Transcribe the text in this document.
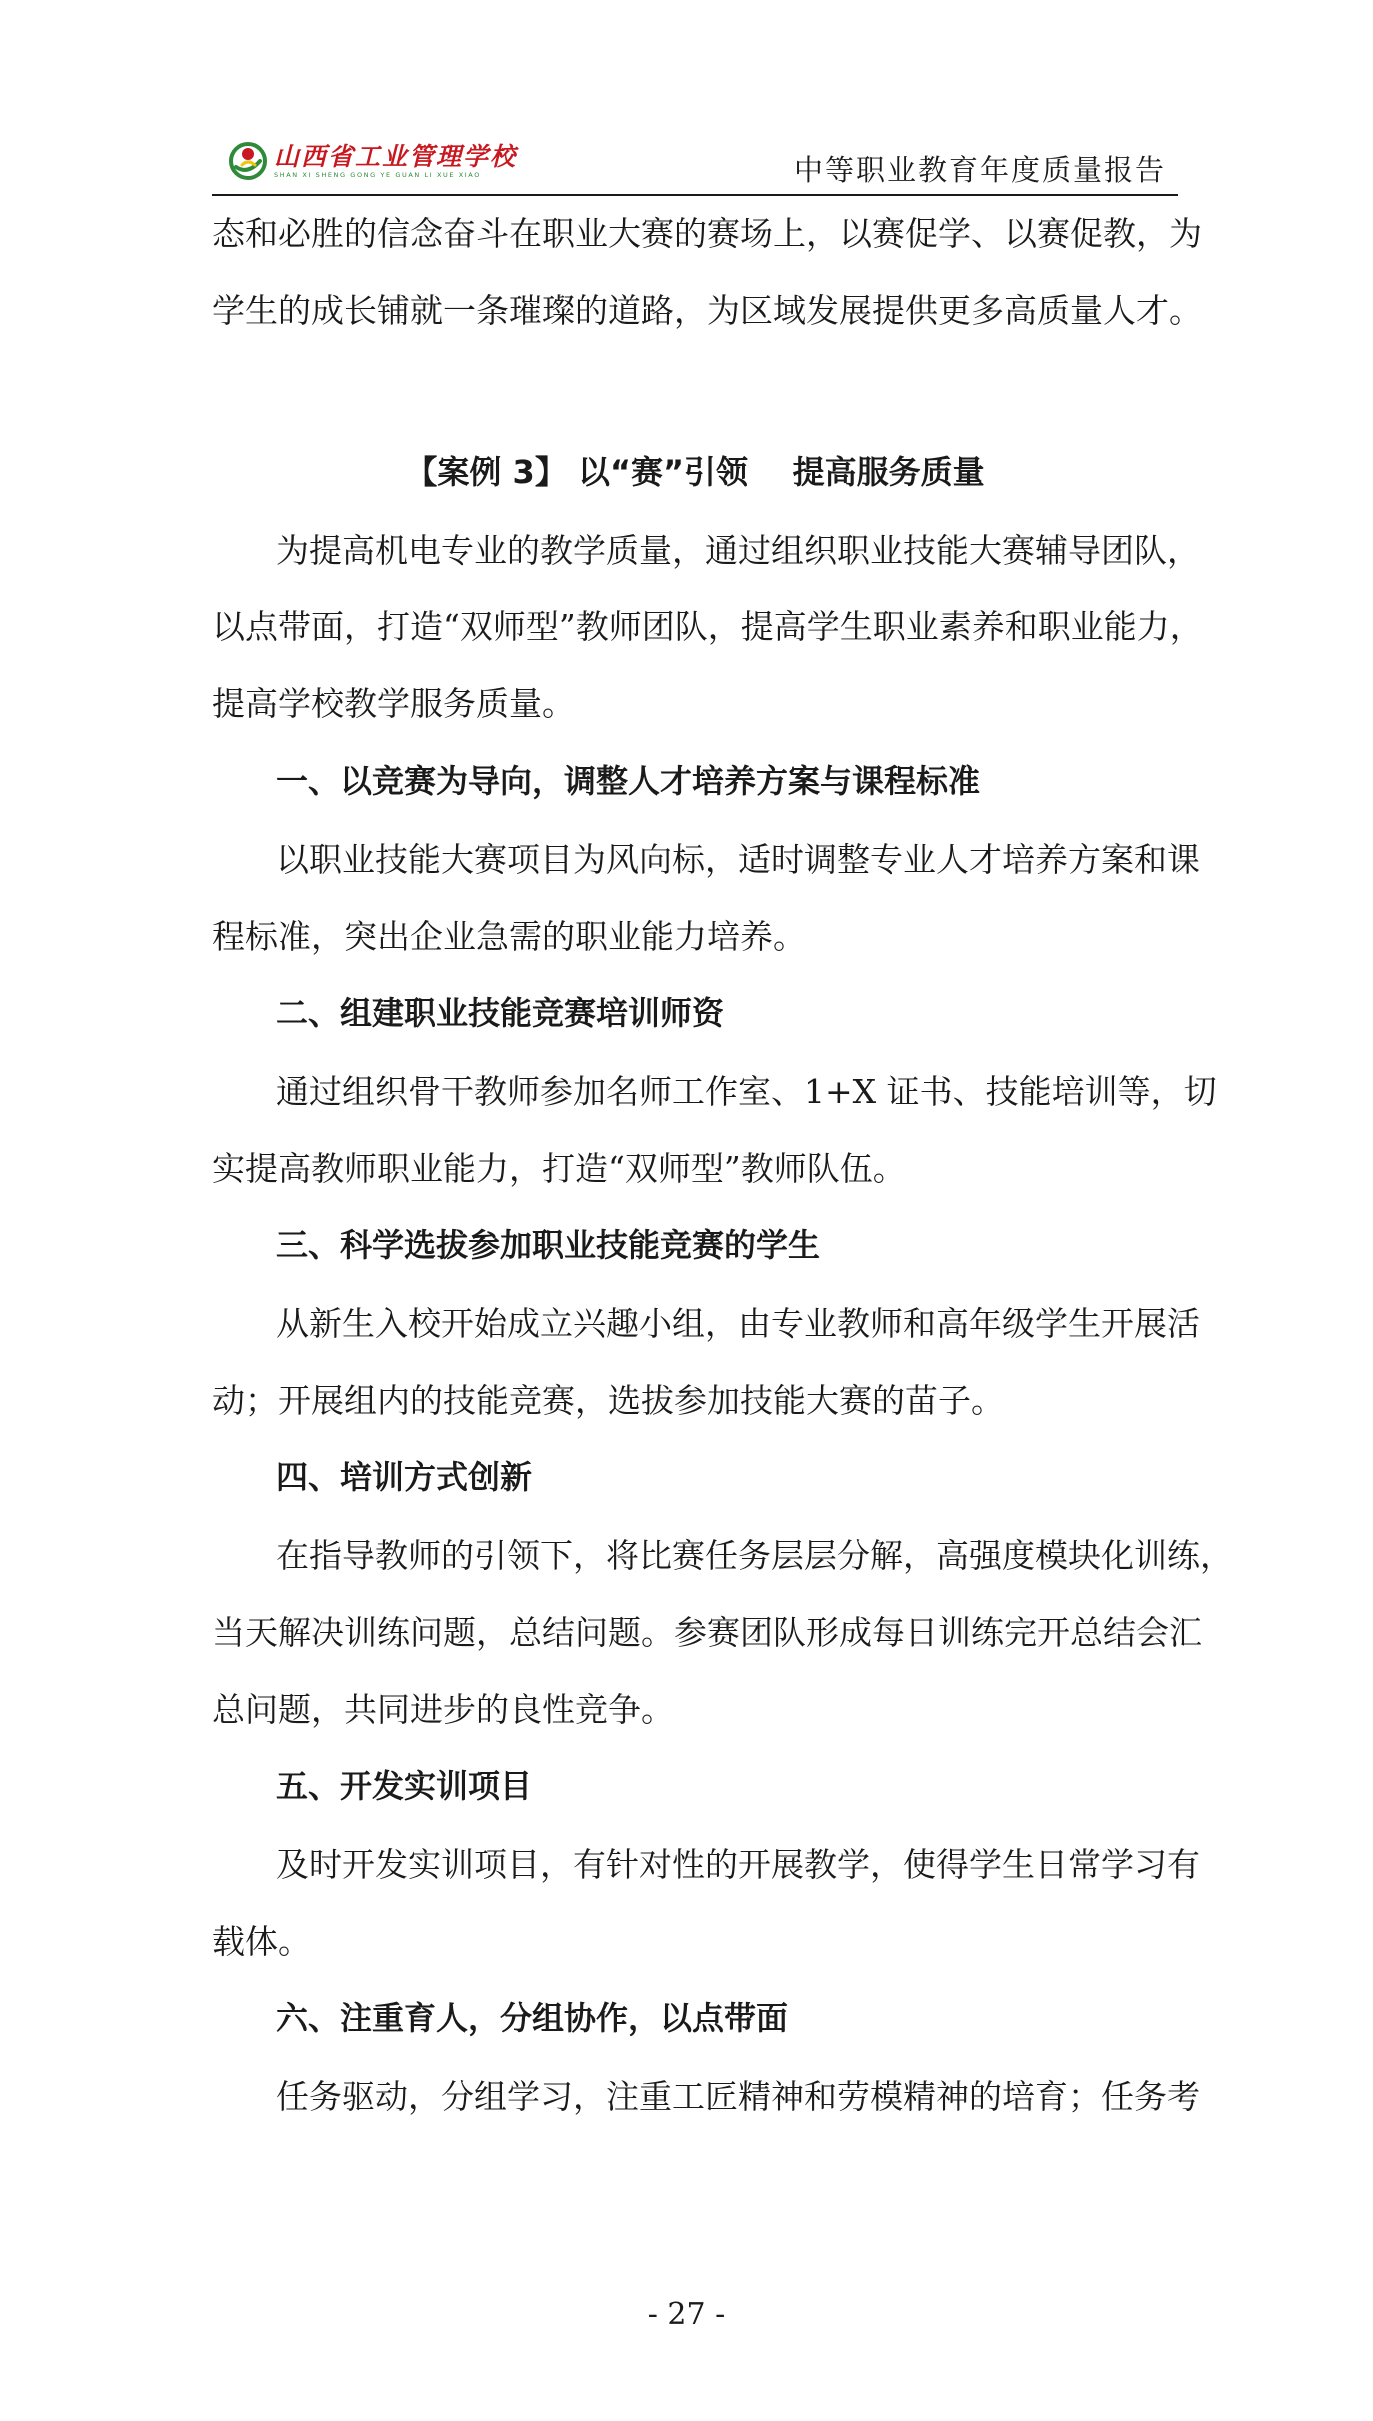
山西省工业管理学校
SHAN XI SHENG GONG YE GUAN LI XUE XIAO	中等职业教育年度质量报告
态和必胜的信念奋斗在职业大赛的赛场上，以赛促学、以赛促教，为
学生的成长铺就一条璀璨的道路，为区域发展提供更多高质量人才。
【案例 3】 以“赛”引领    提高服务质量
为提高机电专业的教学质量，通过组织职业技能大赛辅导团队，
以点带面，打造“双师型”教师团队，提高学生职业素养和职业能力，
提高学校教学服务质量。
一、以竞赛为导向，调整人才培养方案与课程标准
以职业技能大赛项目为风向标，适时调整专业人才培养方案和课
程标准，突出企业急需的职业能力培养。
二、组建职业技能竞赛培训师资
通过组织骨干教师参加名师工作室、1+X 证书、技能培训等，切
实提高教师职业能力，打造“双师型”教师队伍。
三、科学选拔参加职业技能竞赛的学生
从新生入校开始成立兴趣小组，由专业教师和高年级学生开展活
动；开展组内的技能竞赛，选拔参加技能大赛的苗子。
四、培训方式创新
在指导教师的引领下，将比赛任务层层分解，高强度模块化训练，
当天解决训练问题，总结问题。参赛团队形成每日训练完开总结会汇
总问题，共同进步的良性竞争。
五、开发实训项目
及时开发实训项目，有针对性的开展教学，使得学生日常学习有
载体。
六、注重育人，分组协作，以点带面
任务驱动，分组学习，注重工匠精神和劳模精神的培育；任务考
- 27 -
